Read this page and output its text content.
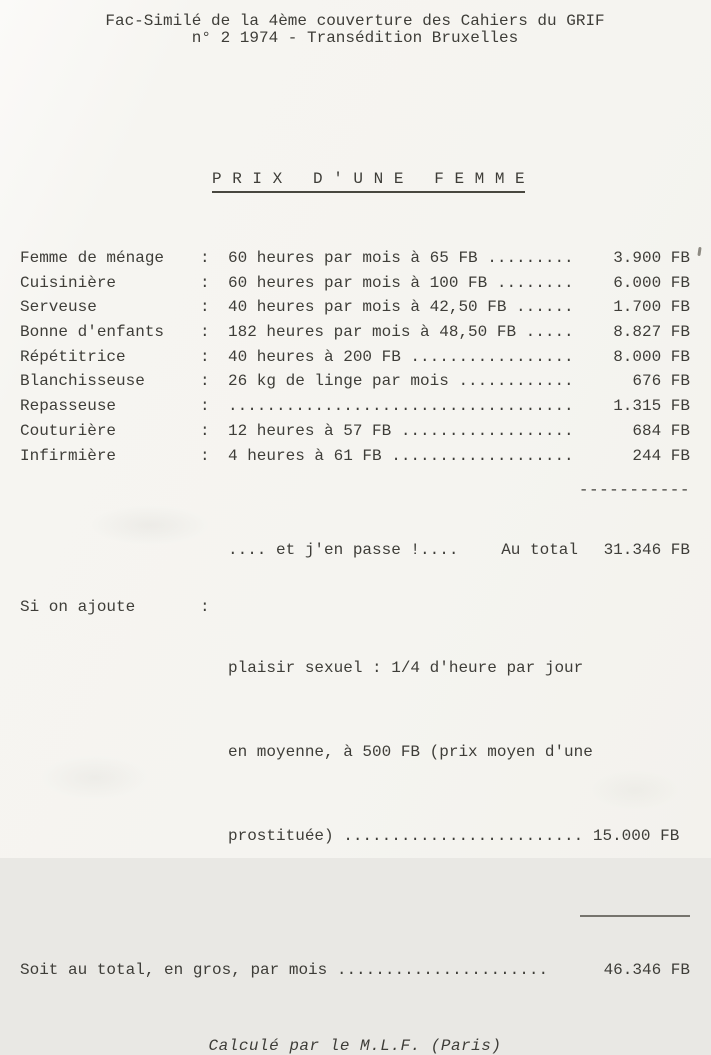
Fac-Similé de la 4ème couverture des Cahiers du GRIF
n° 2 1974 - Transédition Bruxelles
P R I X   D ' U N E   F E M M E
Femme de ménage	:	60 heures par mois à 65 FB .........	3.900 FB
Cuisinière	:	60 heures par mois à 100 FB ........	6.000 FB
Serveuse	:	40 heures par mois à 42,50 FB ......	1.700 FB
Bonne d'enfants	:	182 heures par mois à 48,50 FB .....	8.827 FB
Répétitrice	:	40 heures à 200 FB .................	8.000 FB
Blanchisseuse	:	26 kg de linge par mois ............	676 FB
Repasseuse	:	....................................	1.315 FB
Couturière	:	12 heures à 57 FB ..................	684 FB
Infirmière	:	4 heures à 61 FB ...................	244 FB
-----------
.... et j'en passe !....	Au total	31.346 FB
Si on ajoute	:

plaisir sexuel : 1/4 d'heure par jour

en moyenne, à 500 FB (prix moyen d'une

prostituée) ......................... 15.000 FB

Soit au total, en gros, par mois ......................	46.346 FB
Calculé par le M.L.F. (Paris)
